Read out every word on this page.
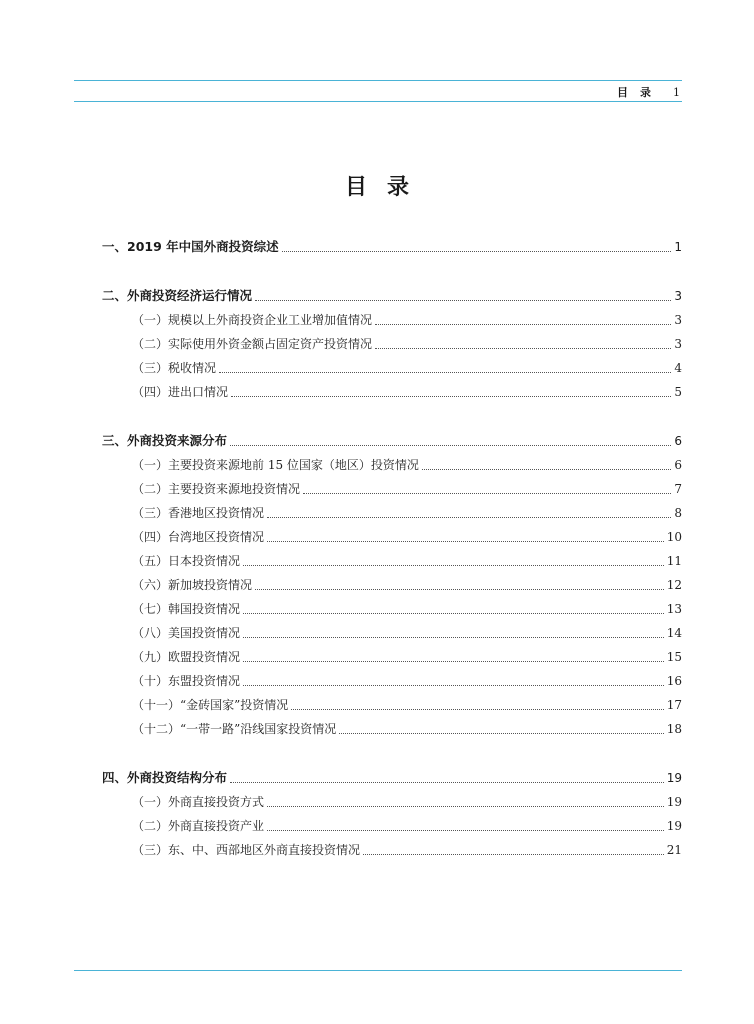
目录 1
目录
一、2019 年中国外商投资综述	1
二、外商投资经济运行情况	3
（一）规模以上外商投资企业工业增加值情况	3
（二）实际使用外资金额占固定资产投资情况	3
（三）税收情况	4
（四）进出口情况	5
三、外商投资来源分布	6
（一）主要投资来源地前 15 位国家（地区）投资情况	6
（二）主要投资来源地投资情况	7
（三）香港地区投资情况	8
（四）台湾地区投资情况	10
（五）日本投资情况	11
（六）新加坡投资情况	12
（七）韩国投资情况	13
（八）美国投资情况	14
（九）欧盟投资情况	15
（十）东盟投资情况	16
（十一）“金砖国家”投资情况	17
（十二）“一带一路”沿线国家投资情况	18
四、外商投资结构分布	19
（一）外商直接投资方式	19
（二）外商直接投资产业	19
（三）东、中、西部地区外商直接投资情况	21
